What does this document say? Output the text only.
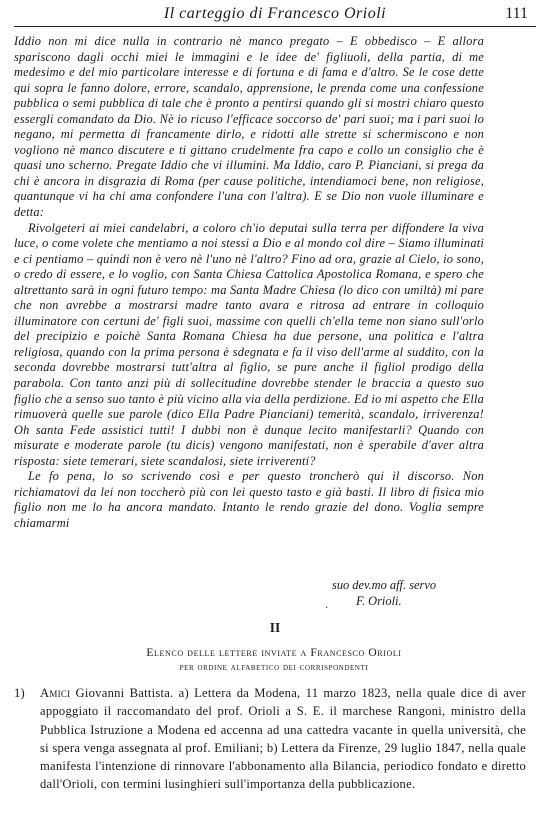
Il carteggio di Francesco Orioli	111

Iddio non mi dice nulla in contrario nè manco pregato – E obbedisco – E allora spariscono dagli occhi miei le immagini e le idee de' figliuoli, della partia, di me medesimo e del mio particolare interesse e di fortuna e di fama e d'altro. Se le cose dette qui sopra le fanno dolore, errore, scandalo, apprensione, le prenda come una confessione pubblica o semi pubblica di tale che è pronto a pentirsi quando gli si mostri chiaro questo essergli comandato da Dio. Nè io ricuso l'efficace soccorso de' pari suoi; ma i pari suoi lo negano, mi permetta di francamente dirlo, e ridotti alle strette si schermiscono e non vogliono nè manco discutere e ti gittano crudelmente fra capo e collo un consiglio che è quasi uno scherno. Pregate Iddio che vi illumini. Ma Iddio, caro P. Pianciani, si prega da chi è ancora in disgrazia di Roma (per cause politiche, intendiamoci bene, non religiose, quantunque vi ha chi ama confondere l'una con l'altra). E se Dio non vuole illuminare e detta:

Rivolgeteri ai miei candelabri, a coloro ch'io deputai sulla terra per diffondere la viva luce, o come volete che mentiamo a noi stessi a Dio e al mondo col dire – Siamo illuminati e ci pentiamo – quindi non è vero nè l'uno nè l'altro? Fino ad ora, grazie al Cielo, io sono, o credo di essere, e lo voglio, con Santa Chiesa Cattolica Apostolica Romana, e spero che altrettanto sarà in ogni futuro tempo: ma Santa Madre Chiesa (lo dico con umiltà) mi pare che non avrebbe a mostrarsi madre tanto avara e ritrosa ad entrare in colloquio illuminatore con certuni de' figli suoi, massime con quelli ch'ella teme non siano sull'orlo del precipizio e poichè Santa Romana Chiesa ha due persone, una politica e l'altra religiosa, quando con la prima persona è sdegnata e fa il viso dell'arme al suddito, con la seconda dovrebbe mostrarsi tutt'altra al figlio, se pure anche il figliol prodigo della parabola. Con tanto anzi più di sollecitudine dovrebbe stender le braccia a questo suo figlio che a senso suo tanto è più vicino alla via della perdizione. Ed io mi aspetto che Ella rimuoverà quelle sue parole (dico Ella Padre Pianciani) temerità, scandalo, irriverenza! Oh santa Fede assistici tutti! I dubbi non è dunque lecito manifestarli? Quando con misurate e moderate parole (tu dicis) vengono manifestati, non è sperabile d'aver altra risposta: siete temerari, siete scandalosi, siete irriverenti?

Le fo pena, lo so scrivendo così e per questo troncherò qui il discorso. Non richiamatovi da lei non toccherò più con lei questo tasto e già basti. Il libro di fisica mio figlio non me lo ha ancora mandato. Intanto le rendo grazie del dono. Voglia sempre chiamarmi

suo dev.mo aff. servo
. F. Orioli.
II
Elenco delle lettere inviate a Francesco Orioli
per ordine alfabetico dei corrispondenti
1) Amici Giovanni Battista. a) Lettera da Modena, 11 marzo 1823, nella quale dice di aver appoggiato il raccomandato del prof. Orioli a S. E. il marchese Rangoni, ministro della Pubblica Istruzione a Modena ed accenna ad una cattedra vacante in quella università, che si spera venga assegnata al prof. Emiliani; b) Lettera da Firenze, 29 luglio 1847, nella quale manifesta l'intenzione di rinnovare l'abbonamento alla Bilancia, periodico fondato e diretto dall'Orioli, con termini lusinghieri sull'importanza della pubblicazione.
